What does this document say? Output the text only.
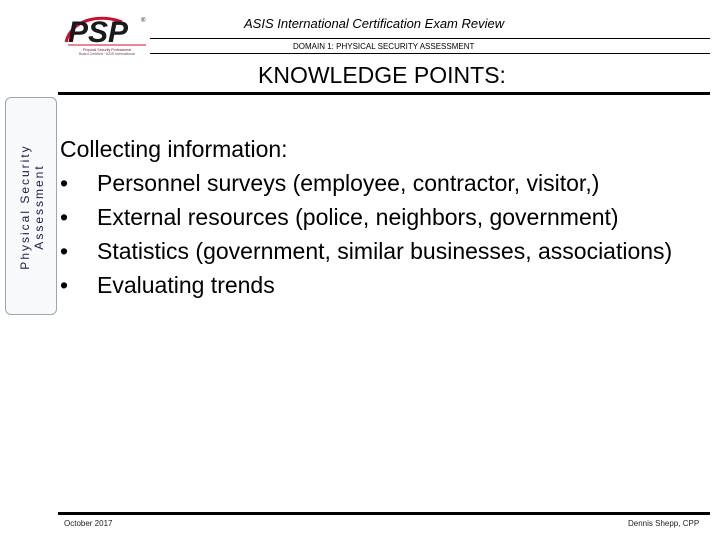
PSP ®
Physical Security Professional
Board Certified · ASIS International
ASIS International Certification Exam Review
DOMAIN 1: PHYSICAL SECURITY ASSESSMENT
KNOWLEDGE POINTS:
Physical Security Assessment
Collecting information:
• Personnel surveys (employee, contractor, visitor,)
• External resources (police, neighbors, government)
• Statistics (government, similar businesses, associations)
• Evaluating trends
October 2017	Dennis Shepp, CPP
